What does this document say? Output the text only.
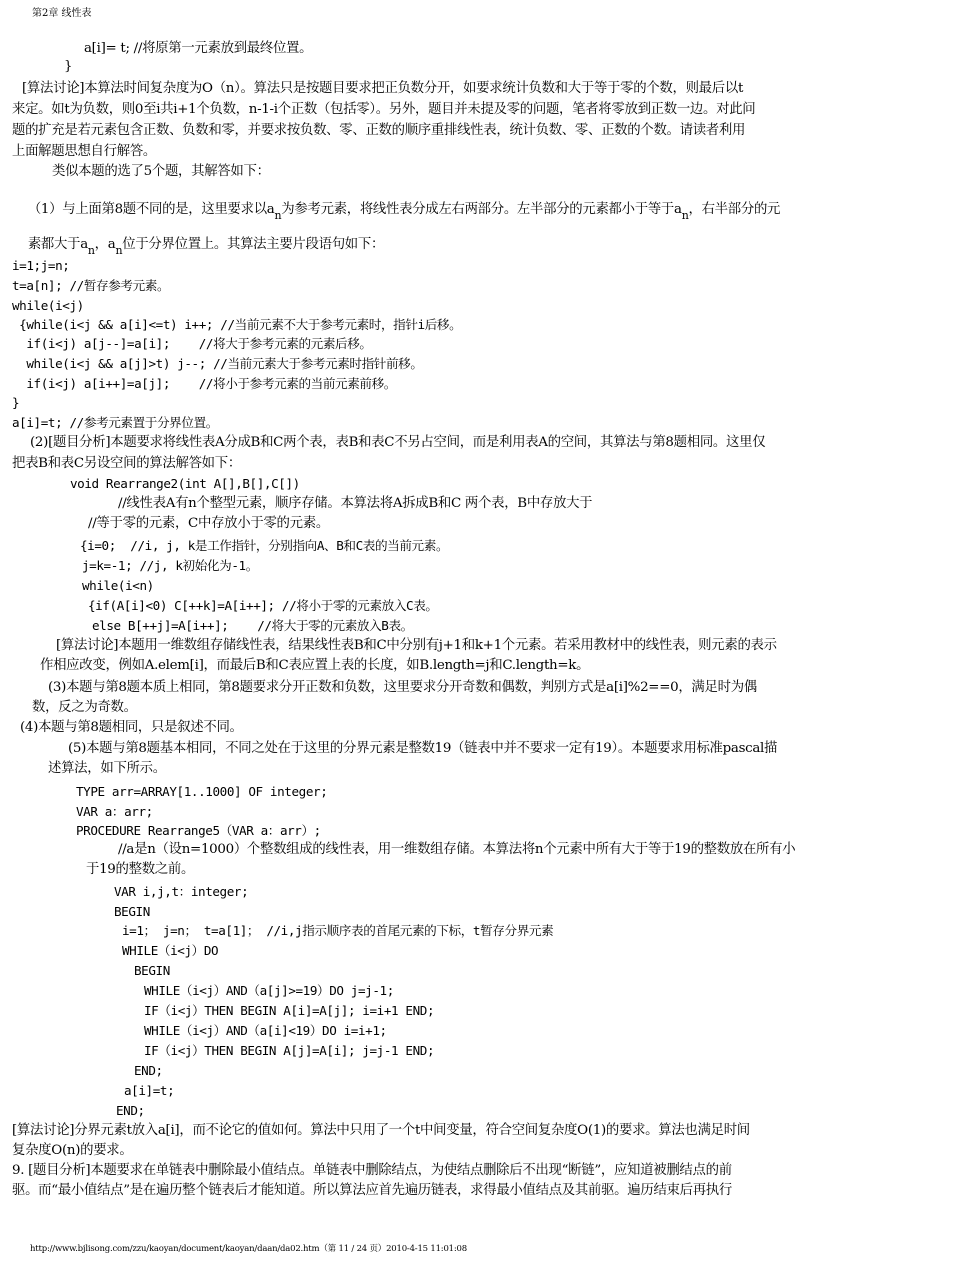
第2章 线性表
a[i]= t; //将原第一元素放到最终位置。
}
[算法讨论]本算法时间复杂度为O（n）。算法只是按题目要求把正负数分开，如要求统计负数和大于等于零的个数，则最后以t
来定。如t为负数，则0至i共i+1个负数，n-1-i个正数（包括零）。另外，题目并未提及零的问题，笔者将零放到正数一边。对此问
题的扩充是若元素包含正数、负数和零，并要求按负数、零、正数的顺序重排线性表，统计负数、零、正数的个数。请读者利用
上面解题思想自行解答。
类似本题的选了5个题，其解答如下：

（1）与上面第8题不同的是，这里要求以$a_n$为参考元素，将线性表分成左右两部分。左半部分的元素都小于等于$a_n$，右半部分的元

素都大于$a_n$，$a_n$位于分界位置上。其算法主要片段语句如下：

i=1;j=n;
t=a[n]; //暂存参考元素。
while(i<j)
{while(i<j && a[i]<=t) i++; //当前元素不大于参考元素时，指针i后移。
if(i<j) a[j--]=a[i];    //将大于参考元素的元素后移。
while(i<j && a[j]>t) j--; //当前元素大于参考元素时指针前移。
if(i<j) a[i++]=a[j];    //将小于参考元素的当前元素前移。
}
a[i]=t; //参考元素置于分界位置。
(2)[题目分析]本题要求将线性表A分成B和C两个表，表B和表C不另占空间，而是利用表A的空间，其算法与第8题相同。这里仅
把表B和表C另设空间的算法解答如下：
void Rearrange2(int A[],B[],C[])
//线性表A有n个整型元素，顺序存储。本算法将A拆成B和C 两个表，B中存放大于
//等于零的元素，C中存放小于零的元素。
{i=0;  //i, j, k是工作指针，分别指向A、B和C表的当前元素。
j=k=-1; //j, k初始化为-1。
while(i<n)
{if(A[i]<0) C[++k]=A[i++]; //将小于零的元素放入C表。
else B[++j]=A[i++];    //将大于零的元素放入B表。
[算法讨论]本题用一维数组存储线性表，结果线性表B和C中分别有j+1和k+1个元素。若采用教材中的线性表，则元素的表示
作相应改变，例如A.elem[i]，而最后B和C表应置上表的长度，如B.length=j和C.length=k。
(3)本题与第8题本质上相同，第8题要求分开正数和负数，这里要求分开奇数和偶数，判别方式是a[i]%2==0，满足时为偶
数，反之为奇数。
(4)本题与第8题相同，只是叙述不同。
(5)本题与第8题基本相同，不同之处在于这里的分界元素是整数19（链表中并不要求一定有19）。本题要求用标准pascal描
述算法，如下所示。
TYPE arr=ARRAY[1..1000] OF integer;
VAR a：arr;
PROCEDURE Rearrange5（VAR a：arr）;
//a是n（设n=1000）个整数组成的线性表，用一维数组存储。本算法将n个元素中所有大于等于19的整数放在所有小
于19的整数之前。
VAR i,j,t：integer;
BEGIN
i=1； j=n； t=a[1]； //i,j指示顺序表的首尾元素的下标，t暂存分界元素
WHILE（i<j）DO
BEGIN
WHILE（i<j）AND（a[j]>=19）DO j=j-1;
IF（i<j）THEN BEGIN A[i]=A[j]; i=i+1 END;
WHILE（i<j）AND（a[i]<19）DO i=i+1;
IF（i<j）THEN BEGIN A[j]=A[i]; j=j-1 END;
END;
a[i]=t;
END;
[算法讨论]分界元素t放入a[i]，而不论它的值如何。算法中只用了一个t中间变量，符合空间复杂度O(1)的要求。算法也满足时间
复杂度O(n)的要求。
9. [题目分析]本题要求在单链表中删除最小值结点。单链表中删除结点，为使结点删除后不出现“断链”，应知道被删结点的前
驱。而“最小值结点”是在遍历整个链表后才能知道。所以算法应首先遍历链表，求得最小值结点及其前驱。遍历结束后再执行
http://www.bjlisong.com/zzu/kaoyan/document/kaoyan/daan/da02.htm（第 11 / 24 页）2010-4-15 11:01:08
